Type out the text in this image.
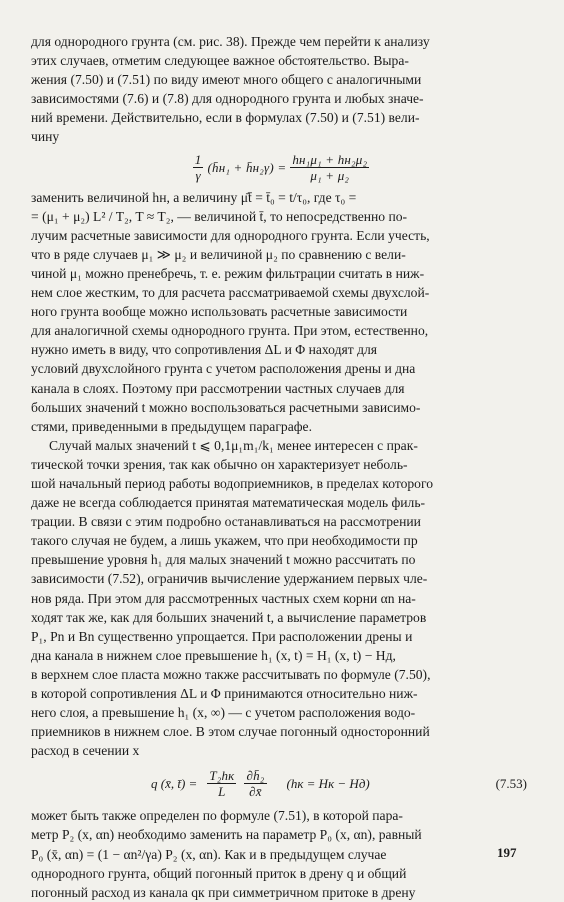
для однородного грунта (см. рис. 38). Прежде чем перейти к анализу

этих случаев, отметим следующее важное обстоятельство. Выра-

жения (7.50) и (7.51) по виду имеют много общего с аналогичными

зависимостями (7.6) и (7.8) для однородного грунта и любых значе-

ний времени. Действительно, если в формулах (7.50) и (7.51) вели-

чину

$\frac{1}{\gamma}$ (h̄н₁ + h̄н₂γ) = $\frac{\text{hн₁μ₁ + hн₂μ₂}}{\text{μ₁ + μ₂}}$

заменить величиной hн, а величину μ̄t̄ = t̄₀ = t/τ₀, где τ₀ =

= (μ₁ + μ₂) L² / T₂, T ≈ T₂, — величиной t̄, то непосредственно по-

лучим расчетные зависимости для однородного грунта. Если учесть,

что в ряде случаев μ₁ ≫ μ₂ и величиной μ₂ по сравнению с вели-

чиной μ₁ можно пренебречь, т. е. режим фильтрации считать в ниж-

нем слое жестким, то для расчета рассматриваемой схемы двухслой-

ного грунта вообще можно использовать расчетные зависимости

для аналогичной схемы однородного грунта. При этом, естественно,

нужно иметь в виду, что сопротивления ΔL и Φ находят для

условий двухслойного грунта с учетом расположения дрены и дна

канала в слоях. Поэтому при рассмотрении частных случаев для

больших значений t можно воспользоваться расчетными зависимо-

стями, приведенными в предыдущем параграфе.

Случай малых значений t ⩽ 0,1μ₁m₁/k₁ менее интересен с прак-

тической точки зрения, так как обычно он характеризует неболь-

шой начальный период работы водоприемников, в пределах которого

даже не всегда соблюдается принятая математическая модель филь-

трации. В связи с этим подробно останавливаться на рассмотрении

такого случая не будем, а лишь укажем, что при необходимости пр

превышение уровня h₁ для малых значений t можно рассчитать по

зависимости (7.52), ограничив вычисление удержанием первых чле-

нов ряда. При этом для рассмотренных частных схем корни αn на-

ходят так же, как для больших значений t, а вычисление параметров

P₁, Pn и Bn существенно упрощается. При расположении дрены и

дна канала в нижнем слое превышение h₁ (x, t) = H₁ (x, t) − Hд,

в верхнем слое пласта можно также рассчитывать по формуле (7.50),

в которой сопротивления ΔL и Φ принимаются относительно ниж-

него слоя, а превышение h₁ (x, ∞) — с учетом расположения водо-

приемников в нижнем слое. В этом случае погонный односторонний

расход в сечении x

q (x̄, t̄) = $\frac{\text{T₂hк}}{L} \frac{\text{∂h̄₂}}{\partial x̄} (hк$ = Hк − Hд)	(7.53)

может быть также определен по формуле (7.51), в которой пара-

метр P₂ (x, αn) необходимо заменить на параметр P₀ (x, αn), равный

P₀ (x̄, αn) = (1 − αn²/γa) P₂ (x, αn). Как и в предыдущем случае

однородного грунта, общий погонный приток в дрену q и общий

погонный расход из канала qк при симметричном притоке в дрену

197
